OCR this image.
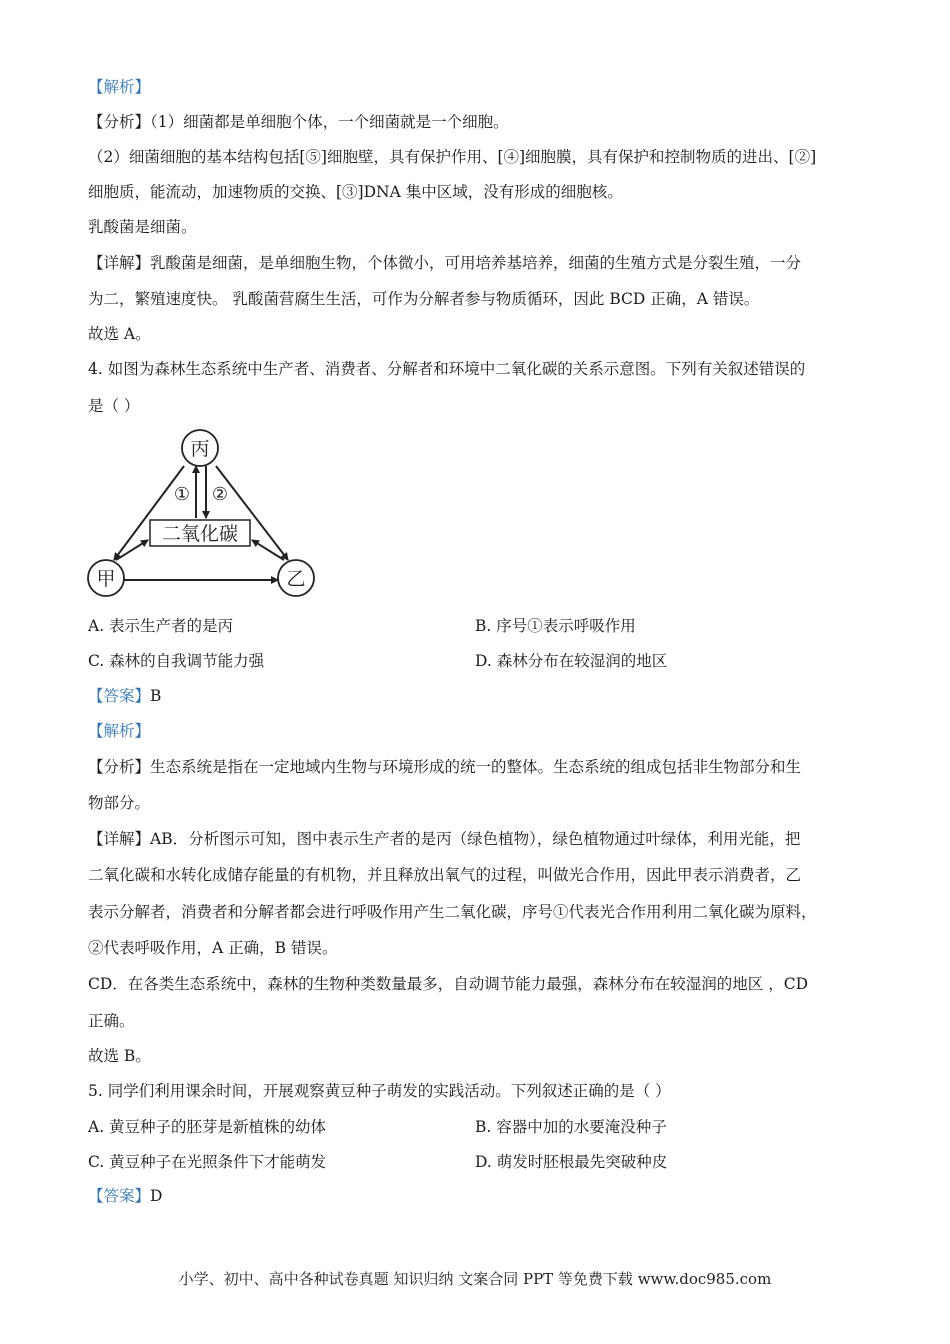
【解析】
【分析】（1）细菌都是单细胞个体，一个细菌就是一个细胞。
（2）细菌细胞的基本结构包括[⑤]细胞壁，具有保护作用、[④]细胞膜，具有保护和控制物质的进出、[②]
细胞质，能流动，加速物质的交换、[③]DNA 集中区域，没有形成的细胞核。
乳酸菌是细菌。
【详解】乳酸菌是细菌，是单细胞生物，个体微小，可用培养基培养，细菌的生殖方式是分裂生殖，一分
为二，繁殖速度快。 乳酸菌营腐生生活，可作为分解者参与物质循环，因此 BCD 正确，A 错误。
故选 A。
4. 如图为森林生态系统中生产者、消费者、分解者和环境中二氧化碳的关系示意图。下列有关叙述错误的
是（ ）
二氧化碳
① ②
丙
甲	乙
A. 表示生产者的是丙	B. 序号①表示呼吸作用
C. 森林的自我调节能力强	D. 森林分布在较湿润的地区
【答案】B
【解析】
【分析】生态系统是指在一定地域内生物与环境形成的统一的整体。生态系统的组成包括非生物部分和生
物部分。
【详解】AB．分析图示可知，图中表示生产者的是丙（绿色植物），绿色植物通过叶绿体，利用光能，把
二氧化碳和水转化成储存能量的有机物，并且释放出氧气的过程，叫做光合作用，因此甲表示消费者，乙
表示分解者，消费者和分解者都会进行呼吸作用产生二氧化碳，序号①代表光合作用利用二氧化碳为原料，
②代表呼吸作用，A 正确，B 错误。
CD．在各类生态系统中，森林的生物种类数量最多，自动调节能力最强，森林分布在较湿润的地区 ，CD
正确。
故选 B。
5. 同学们利用课余时间，开展观察黄豆种子萌发的实践活动。下列叙述正确的是（ ）
A. 黄豆种子的胚芽是新植株的幼体	B. 容器中加的水要淹没种子
C. 黄豆种子在光照条件下才能萌发	D. 萌发时胚根最先突破种皮
【答案】D
小学、初中、高中各种试卷真题 知识归纳 文案合同 PPT 等免费下载 www.doc985.com
